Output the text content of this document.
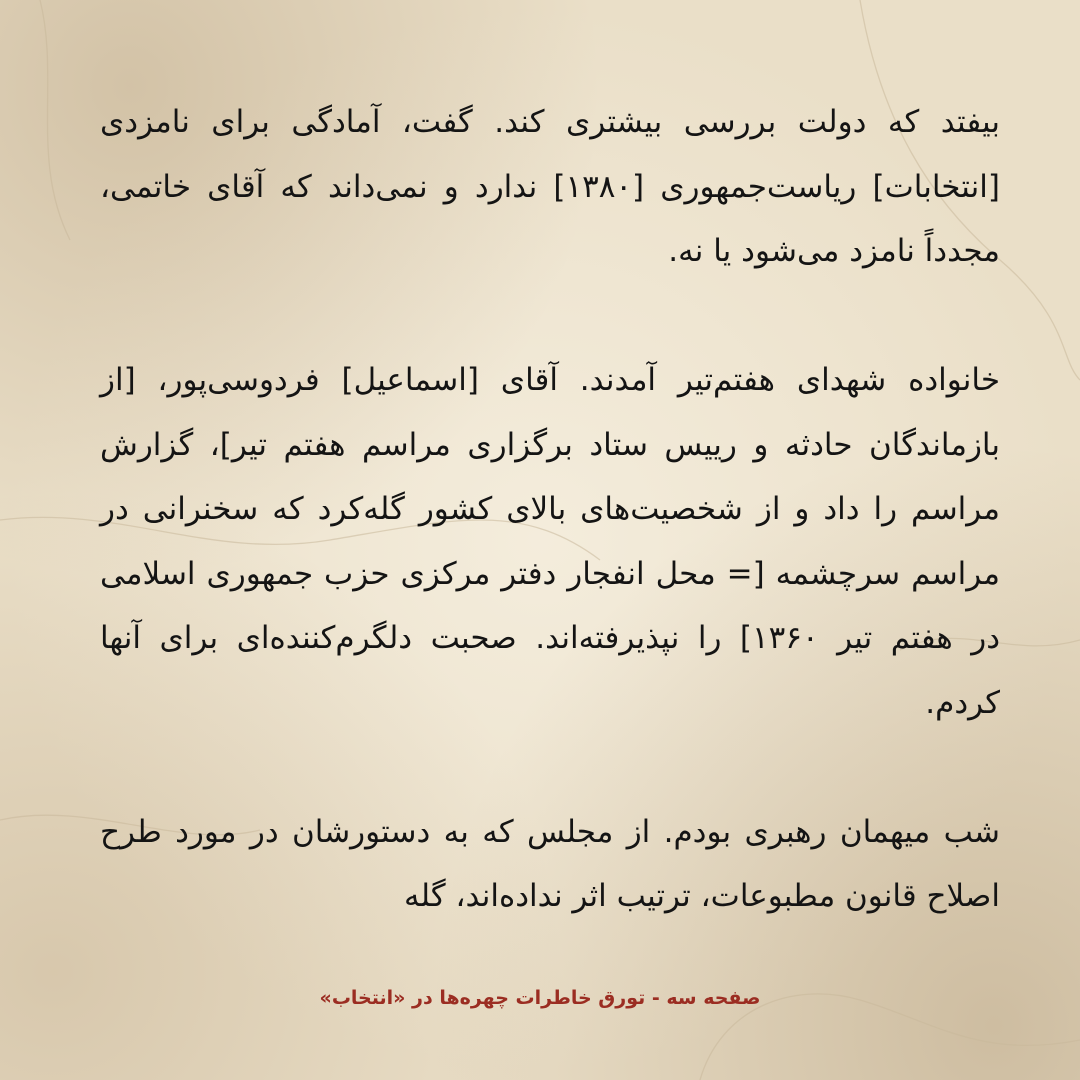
بیفتد که دولت بررسی بیشتری کند. گفت، آمادگی برای نامزدی [انتخابات] ریاست‌جمهوری [۱۳۸۰] ندارد و نمی‌داند که آقای خاتمی، مجدداً نامزد می‌شود یا نه.

خانواده شهدای هفتم‌تیر آمدند. آقای [اسماعیل] فردوسی‌پور، [از بازماندگان حادثه و رییس ستاد برگزاری مراسم هفتم تیر]، گزارش مراسم را داد و از شخصیت‌های بالای کشور گله‌کرد که سخنرانی در مراسم سرچشمه [= محل انفجار دفتر مرکزی حزب جمهوری اسلامی در هفتم تیر ۱۳۶۰] را نپذیرفته‌اند. صحبت دلگرم‌کننده‌ای برای آنها کردم.

شب میهمان رهبری بودم. از مجلس که به دستورشان در مورد طرح اصلاح قانون مطبوعات، ترتیب اثر نداده‌اند، گله

صفحه سه - تورق خاطرات چهره‌ها در «انتخاب»
